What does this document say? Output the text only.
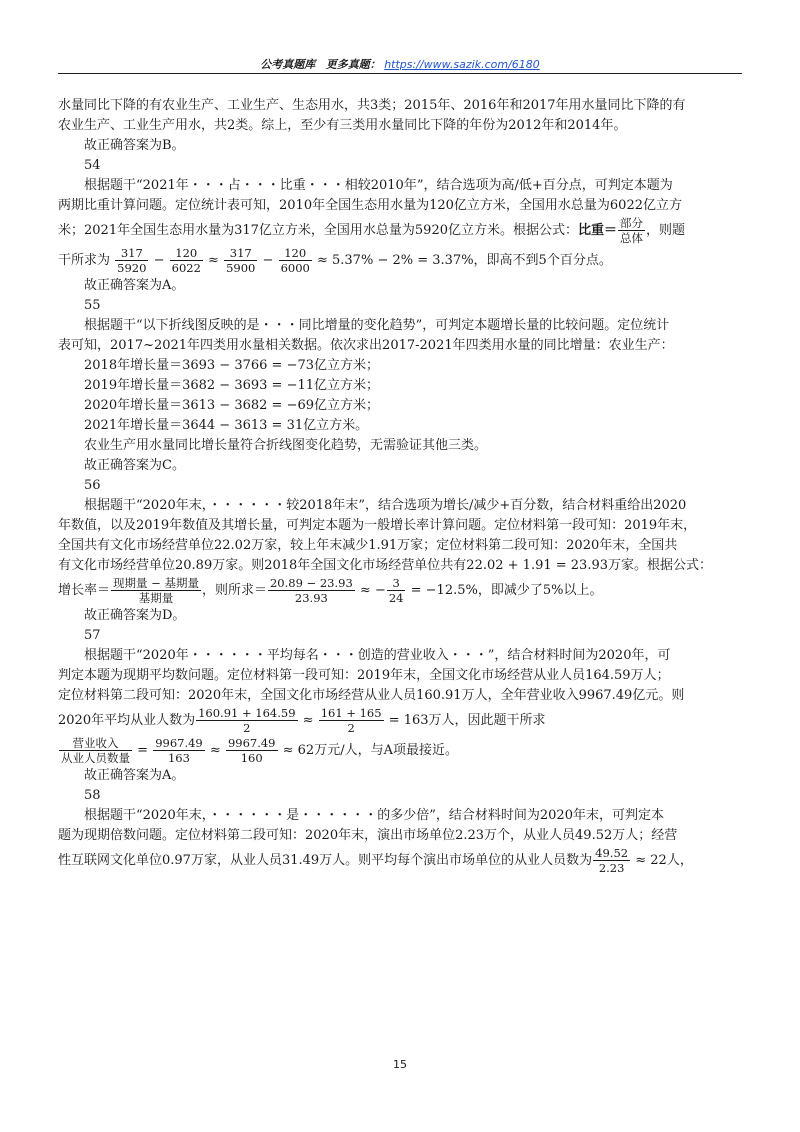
公考真题库 更多真题： https://www.sazik.com/6180

水量同比下降的有农业生产、工业生产、生态用水，共3类；2015年、2016年和2017年用水量同比下降的有

农业生产、工业生产用水，共2类。综上，至少有三类用水量同比下降的年份为2012年和2014年。

故正确答案为B。

54

根据题干“2021年・・・占・・・比重・・・相较2010年”，结合选项为高/低+百分点，可判定本题为

两期比重计算问题。定位统计表可知，2010年全国生态用水量为120亿立方米，全国用水总量为6022亿立方

米；2021年全国生态用水量为317亿立方米，全国用水总量为5920亿立方米。根据公式：比重＝ $\frac{\text{部分}}{\text{总体}}$ ，则题

干所求为 $\frac{317}{5920} - \frac{120}{6022} \approx \frac{317}{5900} - \frac{120}{6000} \approx 5.37\% - 2\% = 3.37\%$，即高不到5个百分点。

故正确答案为A。

55

根据题干“以下折线图反映的是・・・同比增量的变化趋势”，可判定本题增长量的比较问题。定位统计

表可知，2017~2021年四类用水量相关数据。依次求出2017-2021年四类用水量的同比增量：农业生产：

2018年增长量＝3693 − 3766 = −73亿立方米；

2019年增长量＝3682 − 3693 = −11亿立方米；

2020年增长量＝3613 − 3682 = −69亿立方米；

2021年增长量＝3644 − 3613 = 31亿立方米。

农业生产用水量同比增长量符合折线图变化趋势，无需验证其他三类。

故正确答案为C。

56

根据题干“2020年末，・・・・・・较2018年末”，结合选项为增长/减少+百分数，结合材料重给出2020

年数值，以及2019年数值及其增长量，可判定本题为一般增长率计算问题。定位材料第一段可知：2019年末，

全国共有文化市场经营单位22.02万家，较上年末减少1.91万家；定位材料第二段可知：2020年末，全国共

有文化市场经营单位20.89万家。则2018年全国文化市场经营单位共有22.02 + 1.91 = 23.93万家。根据公式：

增长率＝ $\frac{\text{现期量 − 基期量}}{\text{基期量}}$ ，则所求＝ $\frac{20.89 - 23.93}{23.93}$ ≈ − $\frac{3}{24} = -12.5\%$，即减少了5%以上。

故正确答案为D。

57

根据题干“2020年・・・・・・平均每名・・・创造的营业收入・・・”，结合材料时间为2020年，可

判定本题为现期平均数问题。定位材料第一段可知：2019年末，全国文化市场经营从业人员164.59万人；

定位材料第二段可知：2020年末，全国文化市场经营从业人员160.91万人，全年营业收入9967.49亿元。则

2020年平均从业人数为 $\frac{160.91 + 164.59}{2} \approx \frac{161 + 165}{2} = 163$万人，因此题干所求

$\frac{\text{营业收入}}{\text{从业人员数量}} = \frac{9967.49}{163} \approx \frac{9967.49}{160} \approx 62$万元/人，与A项最接近。

故正确答案为A。

58

根据题干“2020年末，・・・・・・是・・・・・・的多少倍”，结合材料时间为2020年末，可判定本

题为现期倍数问题。定位材料第二段可知：2020年末，演出市场单位2.23万个，从业人员49.52万人；经营

性互联网文化单位0.97万家，从业人员31.49万人。则平均每个演出市场单位的从业人员数为 $\frac{49.52}{2.23} \approx 22$人，

15
